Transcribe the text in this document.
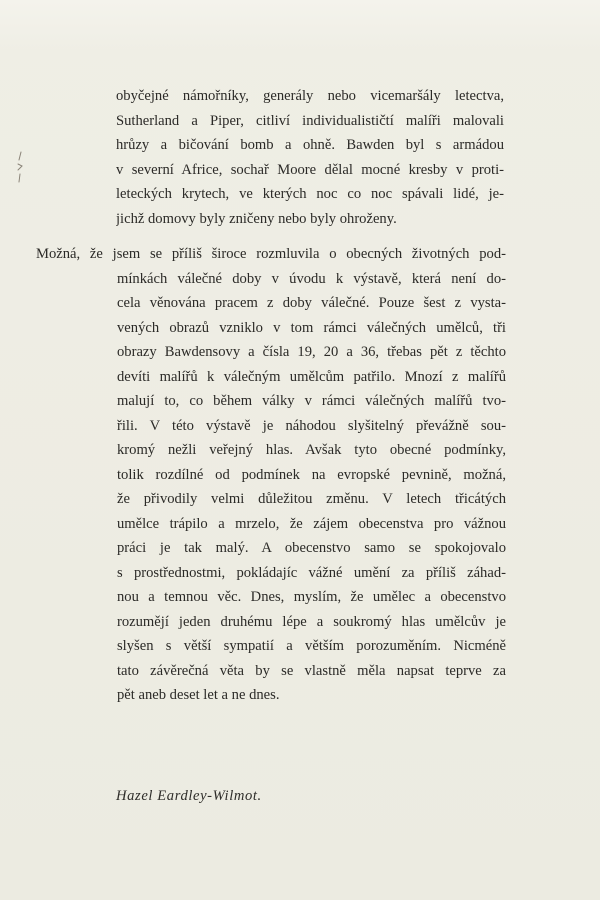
obyčejné námořníky, generály nebo vicemaršály letectva,
Sutherland a Piper, citliví individualističtí malíři malovali
hrůzy a bičování bomb a ohně. Bawden byl s armádou
v severní Africe, sochař Moore dělal mocné kresby v proti-
leteckých krytech, ve kterých noc co noc spávali lidé, je-
jichž domovy byly zničeny nebo byly ohroženy.
Možná, že jsem se příliš široce rozmluvila o obecných životných pod-
mínkách válečné doby v úvodu k výstavě, která není do-
cela věnována pracem z doby válečné. Pouze šest z vysta-
vených obrazů vzniklo v tom rámci válečných umělců, tři
obrazy Bawdensovy a čísla 19, 20 a 36, třebas pět z těchto
devíti malířů k válečným umělcům patřilo. Mnozí z malířů
malují to, co během války v rámci válečných malířů tvo-
řili. V této výstavě je náhodou slyšitelný převážně sou-
kromý nežli veřejný hlas. Avšak tyto obecné podmínky,
tolik rozdílné od podmínek na evropské pevnině, možná,
že přivodily velmi důležitou změnu. V letech třicátých
umělce trápilo a mrzelo, že zájem obecenstva pro vážnou
práci je tak malý. A obecenstvo samo se spokojovalo
s prostřednostmi, pokládajíc vážné umění za příliš záhad-
nou a temnou věc. Dnes, myslím, že umělec a obecenstvo
rozumějí jeden druhému lépe a soukromý hlas umělcův je
slyšen s větší sympatií a větším porozuměním. Nicméně
tato závěrečná věta by se vlastně měla napsat teprve za
pět aneb deset let a ne dnes.
Hazel Eardley-Wilmot.
